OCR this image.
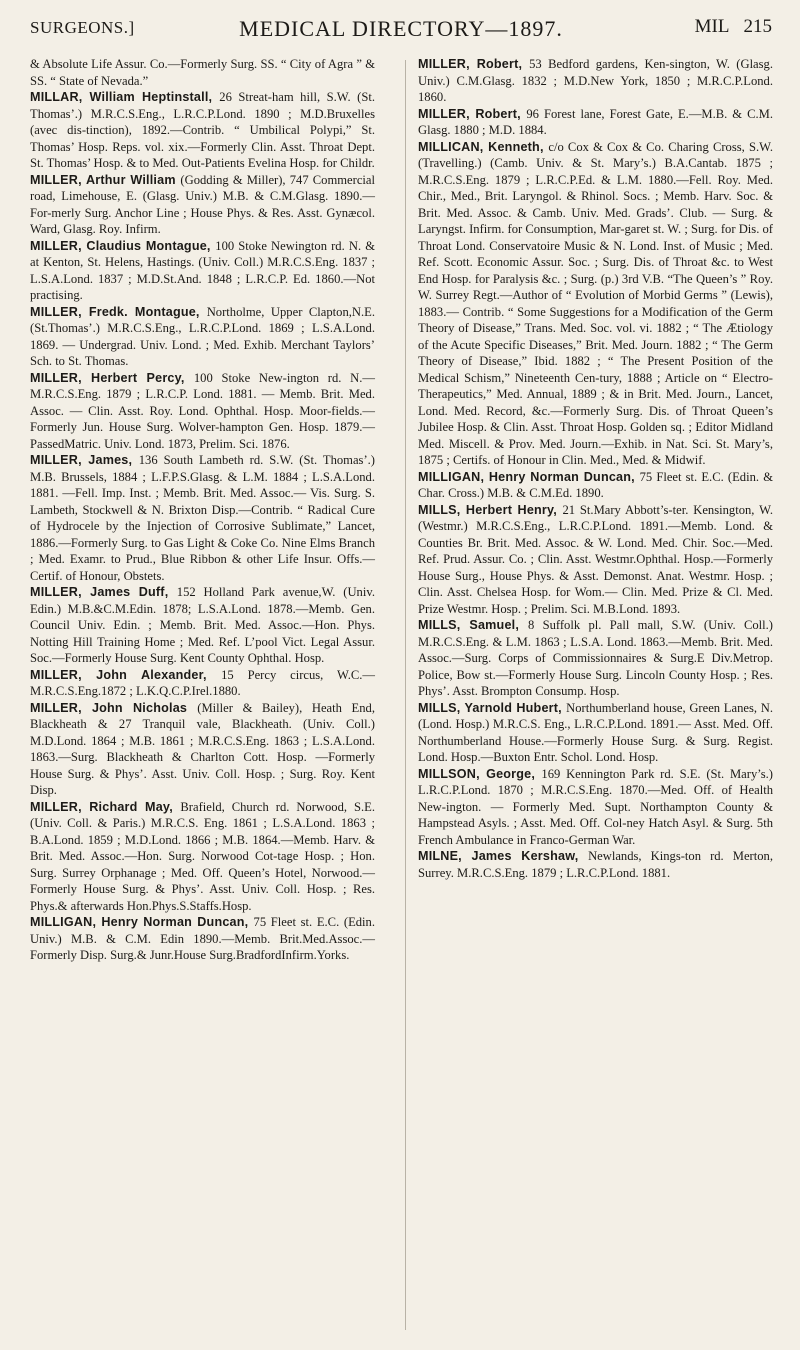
SURGEONS.]	MEDICAL DIRECTORY—1897.	MIL 215

& Absolute Life Assur. Co.—Formerly Surg. SS. “ City of Agra ” & SS. “ State of Nevada.”

MILLAR, William Heptinstall, 26 Streat-ham hill, S.W. (St. Thomas’.) M.R.C.S.Eng., L.R.C.P.Lond. 1890 ; M.D.Bruxelles (avec dis-tinction), 1892.—Contrib. “ Umbilical Polypi,” St. Thomas’ Hosp. Reps. vol. xix.—Formerly Clin. Asst. Throat Dept. St. Thomas’ Hosp. & to Med. Out-Patients Evelina Hosp. for Childr.

MILLER, Arthur William (Godding & Miller), 747 Commercial road, Limehouse, E. (Glasg. Univ.) M.B. & C.M.Glasg. 1890.—For-merly Surg. Anchor Line ; House Phys. & Res. Asst. Gynæcol. Ward, Glasg. Roy. Infirm.

MILLER, Claudius Montague, 100 Stoke Newington rd. N. & at Kenton, St. Helens, Hastings. (Univ. Coll.) M.R.C.S.Eng. 1837 ; L.S.A.Lond. 1837 ; M.D.St.And. 1848 ; L.R.C.P. Ed. 1860.—Not practising.

MILLER, Fredk. Montague, Northolme, Upper Clapton,N.E.(St.Thomas’.) M.R.C.S.Eng., L.R.C.P.Lond. 1869 ; L.S.A.Lond. 1869. — Undergrad. Univ. Lond. ; Med. Exhib. Merchant Taylors’ Sch. to St. Thomas.

MILLER, Herbert Percy, 100 Stoke New-ington rd. N.—M.R.C.S.Eng. 1879 ; L.R.C.P. Lond. 1881. — Memb. Brit. Med. Assoc. — Clin. Asst. Roy. Lond. Ophthal. Hosp. Moor-fields.—Formerly Jun. House Surg. Wolver-hampton Gen. Hosp. 1879.—PassedMatric. Univ. Lond. 1873, Prelim. Sci. 1876.

MILLER, James, 136 South Lambeth rd. S.W. (St. Thomas’.) M.B. Brussels, 1884 ; L.F.P.S.Glasg. & L.M. 1884 ; L.S.A.Lond. 1881. —Fell. Imp. Inst. ; Memb. Brit. Med. Assoc.— Vis. Surg. S. Lambeth, Stockwell & N. Brixton Disp.—Contrib. “ Radical Cure of Hydrocele by the Injection of Corrosive Sublimate,” Lancet, 1886.—Formerly Surg. to Gas Light & Coke Co. Nine Elms Branch ; Med. Examr. to Prud., Blue Ribbon & other Life Insur. Offs.—Certif. of Honour, Obstets.

MILLER, James Duff, 152 Holland Park avenue,W. (Univ. Edin.) M.B.&C.M.Edin. 1878; L.S.A.Lond. 1878.—Memb. Gen. Council Univ. Edin. ; Memb. Brit. Med. Assoc.—Hon. Phys. Notting Hill Training Home ; Med. Ref. L’pool Vict. Legal Assur. Soc.—Formerly House Surg. Kent County Ophthal. Hosp.

MILLER, John Alexander, 15 Percy circus, W.C.—M.R.C.S.Eng.1872 ; L.K.Q.C.P.Irel.1880.

MILLER, John Nicholas (Miller & Bailey), Heath End, Blackheath & 27 Tranquil vale, Blackheath. (Univ. Coll.) M.D.Lond. 1864 ; M.B. 1861 ; M.R.C.S.Eng. 1863 ; L.S.A.Lond. 1863.—Surg. Blackheath & Charlton Cott. Hosp. —Formerly House Surg. & Phys’. Asst. Univ. Coll. Hosp. ; Surg. Roy. Kent Disp.

MILLER, Richard May, Brafield, Church rd. Norwood, S.E. (Univ. Coll. & Paris.) M.R.C.S. Eng. 1861 ; L.S.A.Lond. 1863 ; B.A.Lond. 1859 ; M.D.Lond. 1866 ; M.B. 1864.—Memb. Harv. & Brit. Med. Assoc.—Hon. Surg. Norwood Cot-tage Hosp. ; Hon. Surg. Surrey Orphanage ; Med. Off. Queen’s Hotel, Norwood.—Formerly House Surg. & Phys’. Asst. Univ. Coll. Hosp. ; Res. Phys.& afterwards Hon.Phys.S.Staffs.Hosp.

MILLIGAN, Henry Norman Duncan, 75 Fleet st. E.C. (Edin. Univ.) M.B. & C.M. Edin 1890.—Memb. Brit.Med.Assoc.—Formerly Disp. Surg.& Junr.House Surg.BradfordInfirm.Yorks.

MILLER, Robert, 53 Bedford gardens, Ken-sington, W. (Glasg. Univ.) C.M.Glasg. 1832 ; M.D.New York, 1850 ; M.R.C.P.Lond. 1860.

MILLER, Robert, 96 Forest lane, Forest Gate, E.—M.B. & C.M. Glasg. 1880 ; M.D. 1884.

MILLICAN, Kenneth, c/o Cox & Cox & Co. Charing Cross, S.W. (Travelling.) (Camb. Univ. & St. Mary’s.) B.A.Cantab. 1875 ; M.R.C.S.Eng. 1879 ; L.R.C.P.Ed. & L.M. 1880.—Fell. Roy. Med. Chir., Med., Brit. Laryngol. & Rhinol. Socs. ; Memb. Harv. Soc. & Brit. Med. Assoc. & Camb. Univ. Med. Grads’. Club. — Surg. & Laryngst. Infirm. for Consumption, Mar-garet st. W. ; Surg. for Dis. of Throat Lond. Conservatoire Music & N. Lond. Inst. of Music ; Med. Ref. Scott. Economic Assur. Soc. ; Surg. Dis. of Throat &c. to West End Hosp. for Paralysis &c. ; Surg. (p.) 3rd V.B. “The Queen’s ” Roy. W. Surrey Regt.—Author of “ Evolution of Morbid Germs ” (Lewis), 1883.— Contrib. “ Some Suggestions for a Modification of the Germ Theory of Disease,” Trans. Med. Soc. vol. vi. 1882 ; “ The Ætiology of the Acute Specific Diseases,” Brit. Med. Journ. 1882 ; “ The Germ Theory of Disease,” Ibid. 1882 ; “ The Present Position of the Medical Schism,” Nineteenth Cen-tury, 1888 ; Article on “ Electro-Therapeutics,” Med. Annual, 1889 ; & in Brit. Med. Journ., Lancet, Lond. Med. Record, &c.—Formerly Surg. Dis. of Throat Queen’s Jubilee Hosp. & Clin. Asst. Throat Hosp. Golden sq. ; Editor Midland Med. Miscell. & Prov. Med. Journ.—Exhib. in Nat. Sci. St. Mary’s, 1875 ; Certifs. of Honour in Clin. Med., Med. & Midwif.

MILLIGAN, Henry Norman Duncan, 75 Fleet st. E.C. (Edin. & Char. Cross.) M.B. & C.M.Ed. 1890.

MILLS, Herbert Henry, 21 St.Mary Abbott’s-ter. Kensington, W. (Westmr.) M.R.C.S.Eng., L.R.C.P.Lond. 1891.—Memb. Lond. & Counties Br. Brit. Med. Assoc. & W. Lond. Med. Chir. Soc.—Med. Ref. Prud. Assur. Co. ; Clin. Asst. Westmr.Ophthal. Hosp.—Formerly House Surg., House Phys. & Asst. Demonst. Anat. Westmr. Hosp. ; Clin. Asst. Chelsea Hosp. for Wom.— Clin. Med. Prize & Cl. Med. Prize Westmr. Hosp. ; Prelim. Sci. M.B.Lond. 1893.

MILLS, Samuel, 8 Suffolk pl. Pall mall, S.W. (Univ. Coll.) M.R.C.S.Eng. & L.M. 1863 ; L.S.A. Lond. 1863.—Memb. Brit. Med. Assoc.—Surg. Corps of Commissionnaires & Surg.E Div.Metrop. Police, Bow st.—Formerly House Surg. Lincoln County Hosp. ; Res. Phys’. Asst. Brompton Consump. Hosp.

MILLS, Yarnold Hubert, Northumberland house, Green Lanes, N. (Lond. Hosp.) M.R.C.S. Eng., L.R.C.P.Lond. 1891.— Asst. Med. Off. Northumberland House.—Formerly House Surg. & Surg. Regist. Lond. Hosp.—Buxton Entr. Schol. Lond. Hosp.

MILLSON, George, 169 Kennington Park rd. S.E. (St. Mary’s.) L.R.C.P.Lond. 1870 ; M.R.C.S.Eng. 1870.—Med. Off. of Health New-ington. — Formerly Med. Supt. Northampton County & Hampstead Asyls. ; Asst. Med. Off. Col-ney Hatch Asyl. & Surg. 5th French Ambulance in Franco-German War.

MILNE, James Kershaw, Newlands, Kings-ton rd. Merton, Surrey. M.R.C.S.Eng. 1879 ; L.R.C.P.Lond. 1881.
